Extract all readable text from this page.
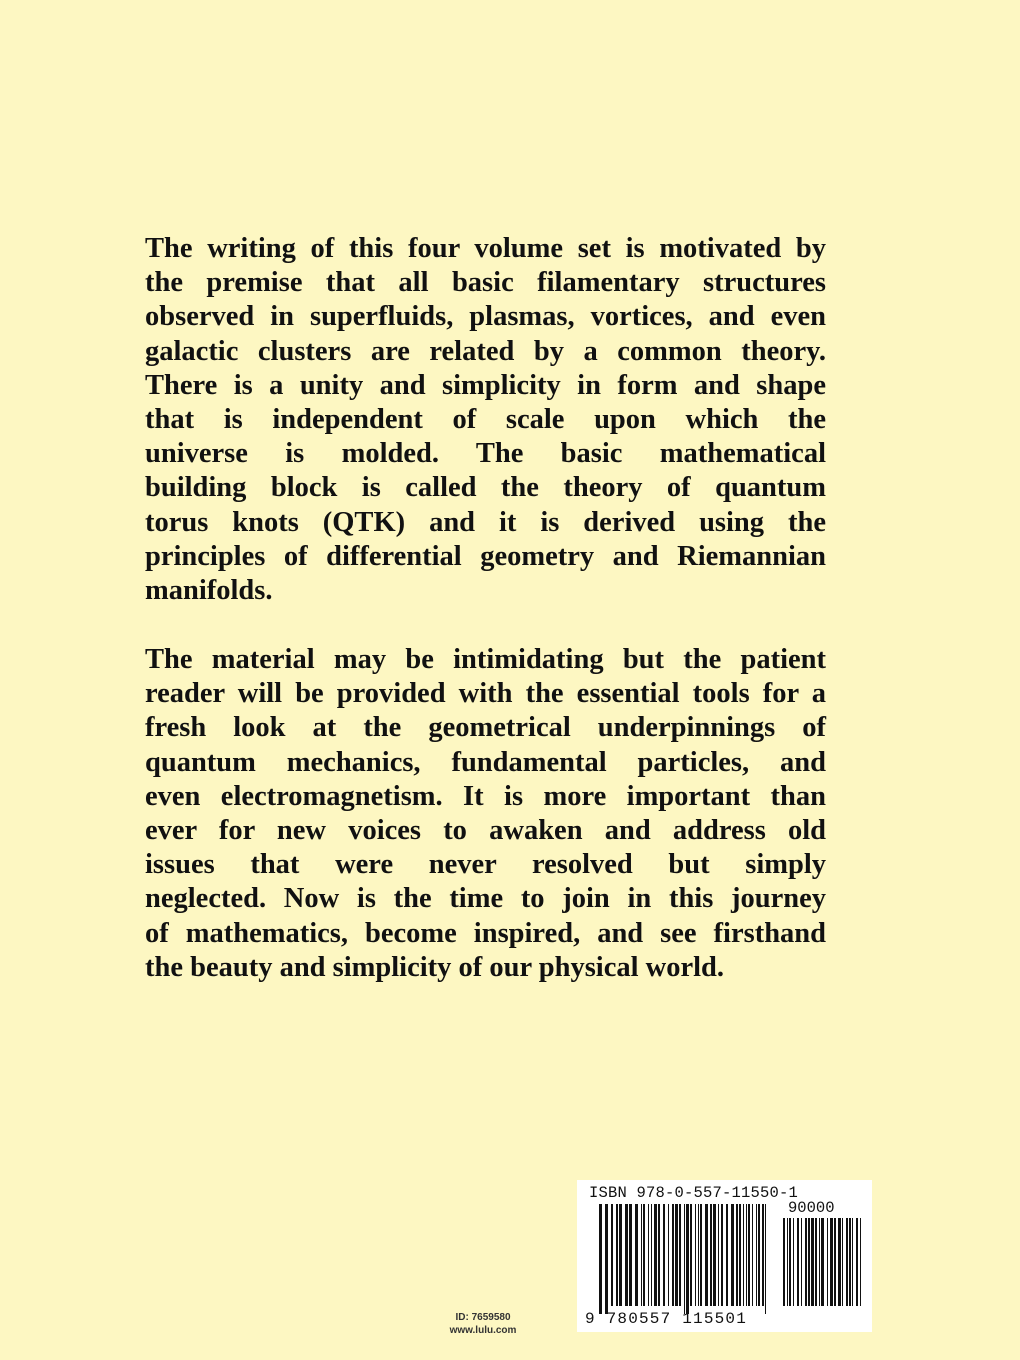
The writing of this four volume set is motivated by
the premise that all basic filamentary structures
observed in superfluids, plasmas, vortices, and even
galactic clusters are related by a common theory.
There is a unity and simplicity in form and shape
that is independent of scale upon which the
universe is molded. The basic mathematical
building block is called the theory of quantum
torus knots (QTK) and it is derived using the
principles of differential geometry and Riemannian
manifolds.
The material may be intimidating but the patient
reader will be provided with the essential tools for a
fresh look at the geometrical underpinnings of
quantum mechanics, fundamental particles, and
even electromagnetism. It is more important than
ever for new voices to awaken and address old
issues that were never resolved but simply
neglected. Now is the time to join in this journey
of mathematics, become inspired, and see firsthand
the beauty and simplicity of our physical world.
ID: 7659580
www.lulu.com
ISBN 978-0-557-11550-1
90000
9 780557 115501
